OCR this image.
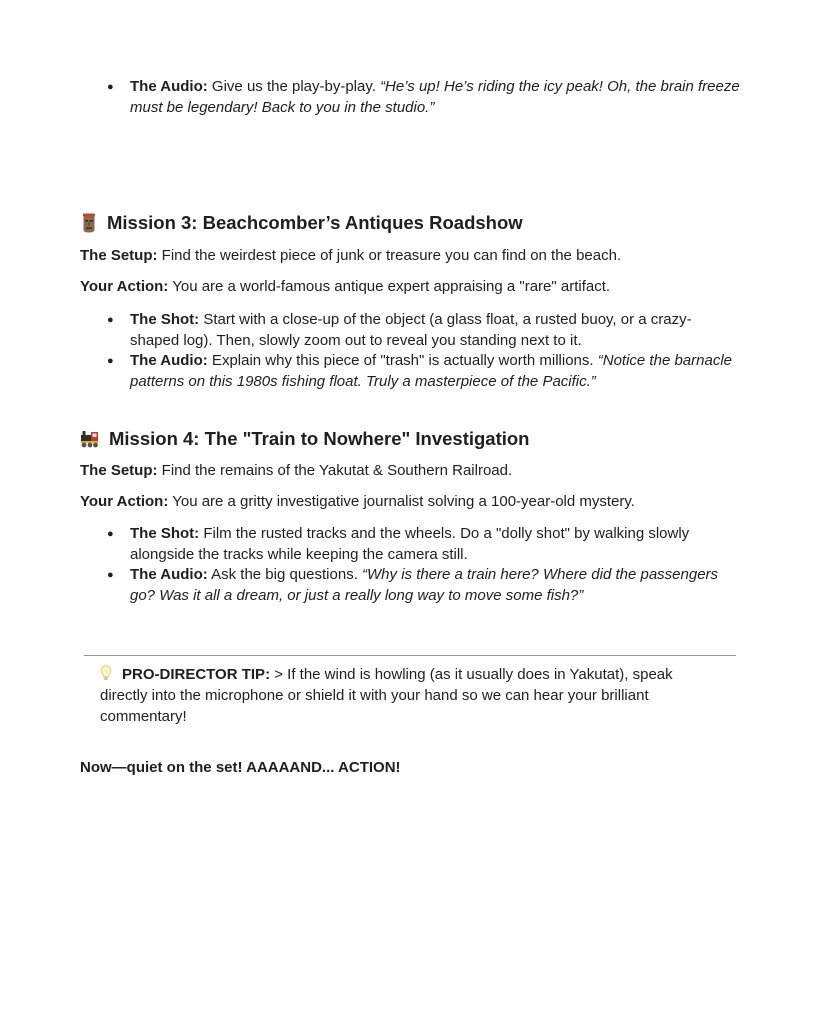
● The Audio: Give us the play-by-play. “He’s up! He’s riding the icy peak! Oh, the brain freeze must be legendary! Back to you in the studio.”
Mission 3: Beachcomber’s Antiques Roadshow
The Setup: Find the weirdest piece of junk or treasure you can find on the beach.
Your Action: You are a world-famous antique expert appraising a "rare" artifact.
● The Shot: Start with a close-up of the object (a glass float, a rusted buoy, or a crazy-shaped log). Then, slowly zoom out to reveal you standing next to it.
● The Audio: Explain why this piece of "trash" is actually worth millions. “Notice the barnacle patterns on this 1980s fishing float. Truly a masterpiece of the Pacific.”
Mission 4: The "Train to Nowhere" Investigation
The Setup: Find the remains of the Yakutat & Southern Railroad.
Your Action: You are a gritty investigative journalist solving a 100-year-old mystery.
● The Shot: Film the rusted tracks and the wheels. Do a "dolly shot" by walking slowly alongside the tracks while keeping the camera still.
● The Audio: Ask the big questions. “Why is there a train here? Where did the passengers go? Was it all a dream, or just a really long way to move some fish?”
PRO-DIRECTOR TIP: > If the wind is howling (as it usually does in Yakutat), speak directly into the microphone or shield it with your hand so we can hear your brilliant commentary!
Now—quiet on the set! AAAAAND... ACTION!
